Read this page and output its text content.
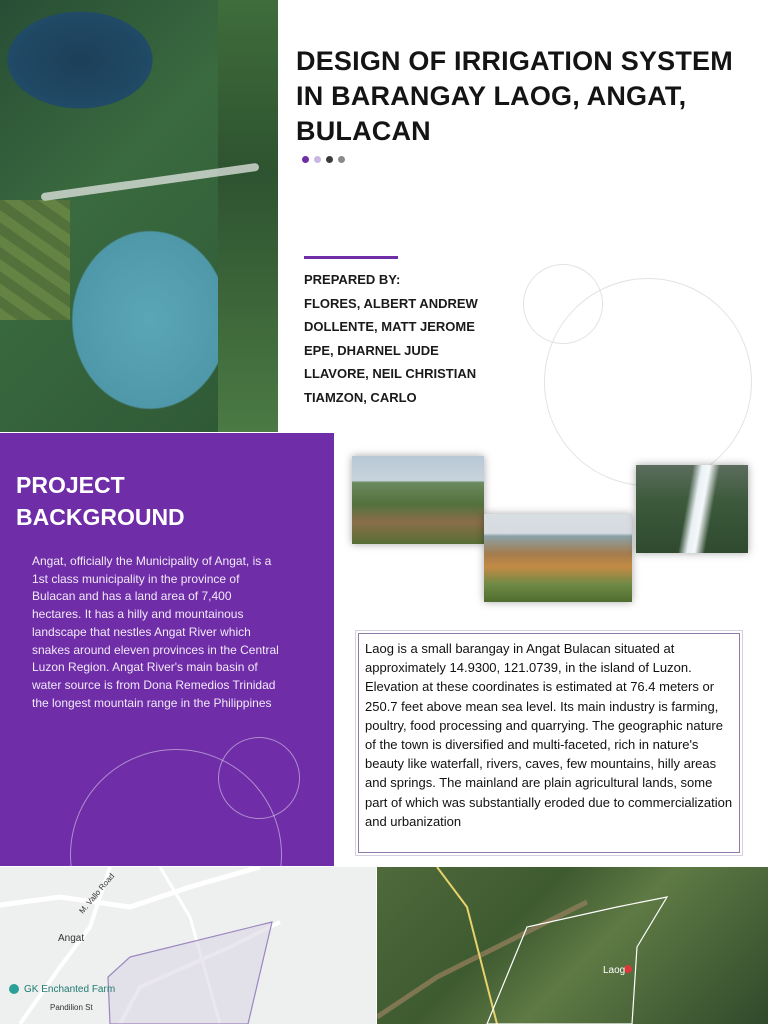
DESIGN OF IRRIGATION SYSTEM IN BARANGAY LAOG, ANGAT, BULACAN
PREPARED BY:
FLORES, ALBERT ANDREW
DOLLENTE, MATT JEROME
EPE, DHARNEL JUDE
LLAVORE, NEIL CHRISTIAN
TIAMZON, CARLO
PROJECT
BACKGROUND

Angat, officially the Municipality of Angat, is a 1st class municipality in the province of Bulacan and has a land area of 7,400 hectares. It has a hilly and mountainous landscape that nestles Angat River which snakes around eleven provinces in the Central Luzon Region. Angat River's main basin of water source is from Dona Remedios Trinidad the longest mountain range in the Philippines

Laog is a small barangay in Angat Bulacan situated at approximately 14.9300, 121.0739, in the island of Luzon. Elevation at these coordinates is estimated at 76.4 meters or 250.7 feet above mean sea level. Its main industry is farming, poultry, food processing and quarrying. The geographic nature of the town is diversified and multi-faceted, rich in nature's beauty like waterfall, rivers, caves, few mountains, hilly areas and springs. The mainland are plain agricultural lands, some part of which was substantially eroded due to commercialization and urbanization

Angat
GK Enchanted Farm
M. Vallo Road
Pandilion St
Laog
